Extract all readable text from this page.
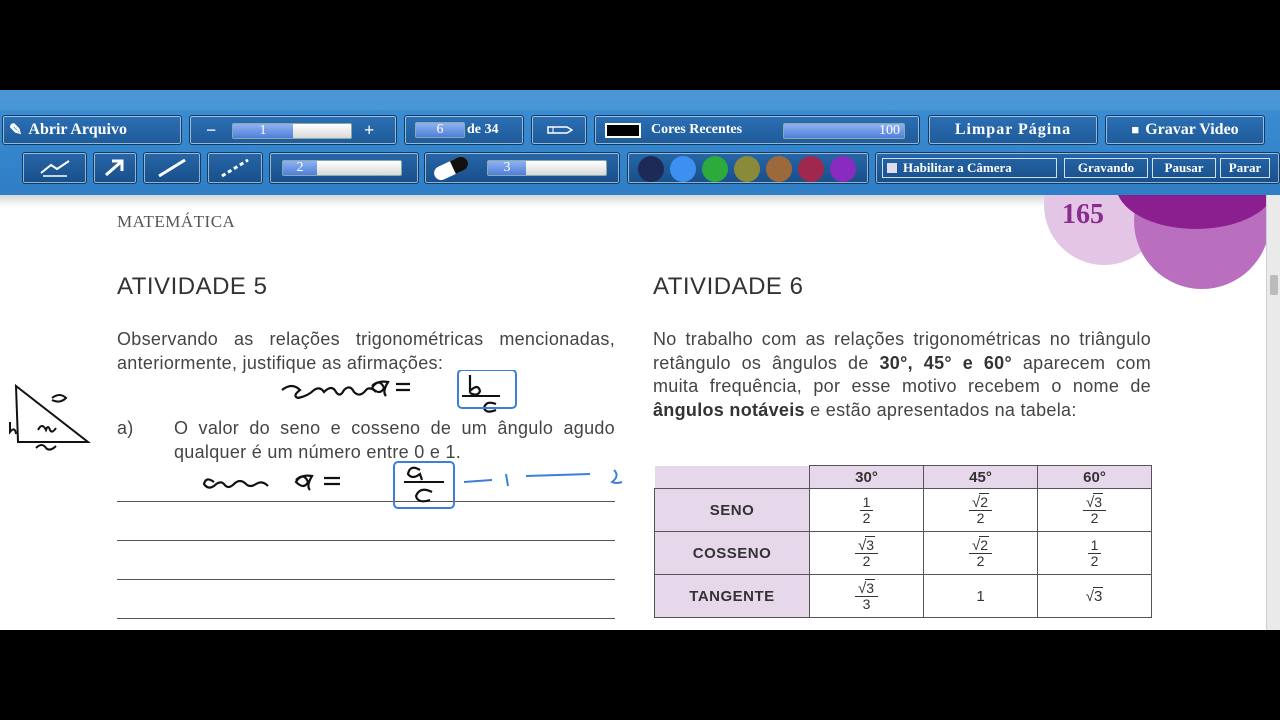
✎ Abrir Arquivo	−	1	+	6	de 34	Cores Recentes	100	Limpar Página	■ Gravar Video
2	3	Habilitar a Câmera	Gravando	Pausar	Parar
165
MATEMÁTICA
ATIVIDADE 5
Observando as relações trigonométricas mencionadas, anteriormente, justifique as afirmações:
a) O valor do seno e cosseno de um ângulo agudo qualquer é um número entre 0 e 1.
ATIVIDADE 6
No trabalho com as relações trigonométricas no triângulo retângulo os ângulos de 30°, 45° e 60° aparecem com muita frequência, por esse motivo recebem o nome de ângulos notáveis e estão apresentados na tabela:
	30°	45°	60°
SENO	$\frac{1}{2}$	$\frac{√2}{2}$	$\frac{√3}{2}$

COSSENO	$\frac{√3}{2}$	$\frac{√2}{2}$	$\frac{1}{2}$

TANGENTE	$\frac{√3}{3}$	1	√3
